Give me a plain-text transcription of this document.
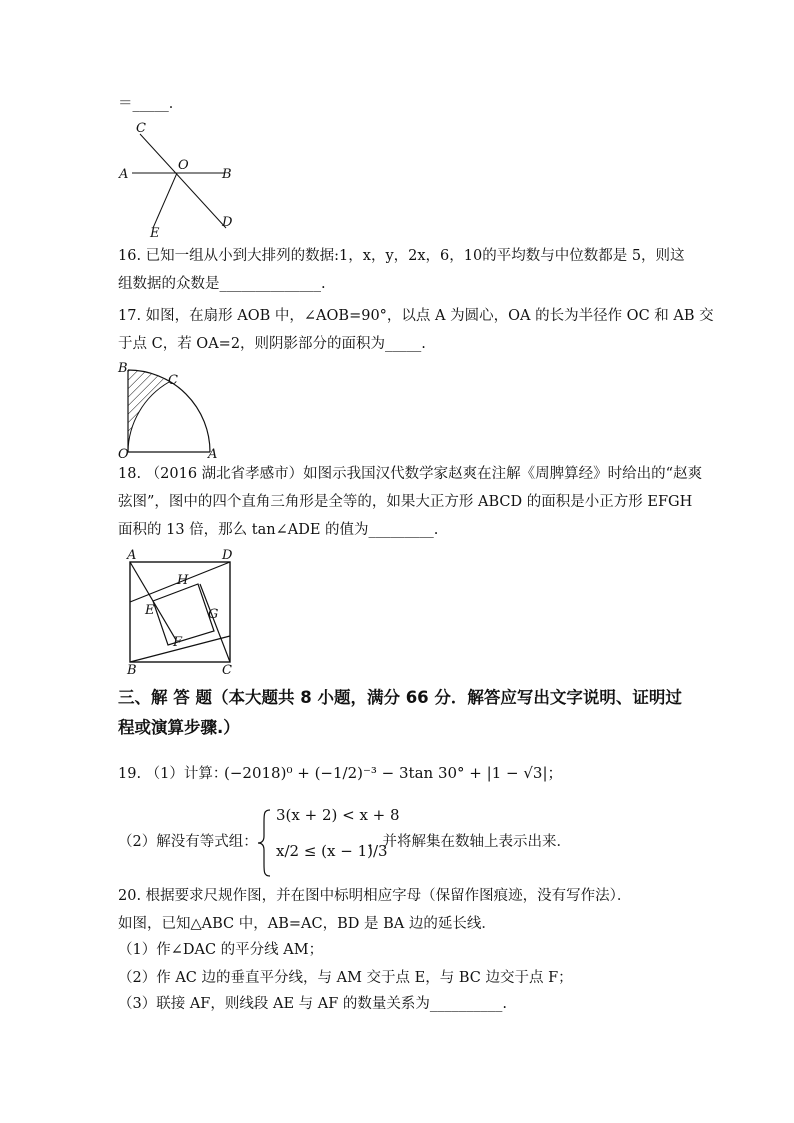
＝_____．
C
O
A	B
E
D
16. 已知一组从小到大排列的数据:1，x，y，2x，6，10的平均数与中位数都是 5，则这
组数据的众数是______________.
17. 如图，在扇形 AOB 中，∠AOB=90°，以点 A 为圆心，OA 的长为半径作 OC 和 AB 交
于点 C，若 OA=2，则阴影部分的面积为_____.
B
C
O	A
18. （2016 湖北省孝感市）如图示我国汉代数学家赵爽在注解《周脾算经》时给出的“赵爽
弦图”，图中的四个直角三角形是全等的，如果大正方形 ABCD 的面积是小正方形 EFGH
面积的 13 倍，那么 tan∠ADE 的值为_________.
A	D
H
E	G
F
B	C
三、解 答 题（本大题共 8 小题，满分 66 分．解答应写出文字说明、证明过
程或演算步骤.）
19. （1）计算：
(−2018)⁰ + (−1/2)⁻³ − 3tan 30° + |1 − √3|；
（2）解没有等式组：
3(x + 2) < x + 8
x/2 ≤ (x − 1)/3
，并将解集在数轴上表示出来．
20. 根据要求尺规作图，并在图中标明相应字母（保留作图痕迹，没有写作法）．
如图，已知△ABC 中，AB=AC，BD 是 BA 边的延长线．
（1）作∠DAC 的平分线 AM；
（2）作 AC 边的垂直平分线，与 AM 交于点 E，与 BC 边交于点 F；
（3）联接 AF，则线段 AE 与 AF 的数量关系为__________.
